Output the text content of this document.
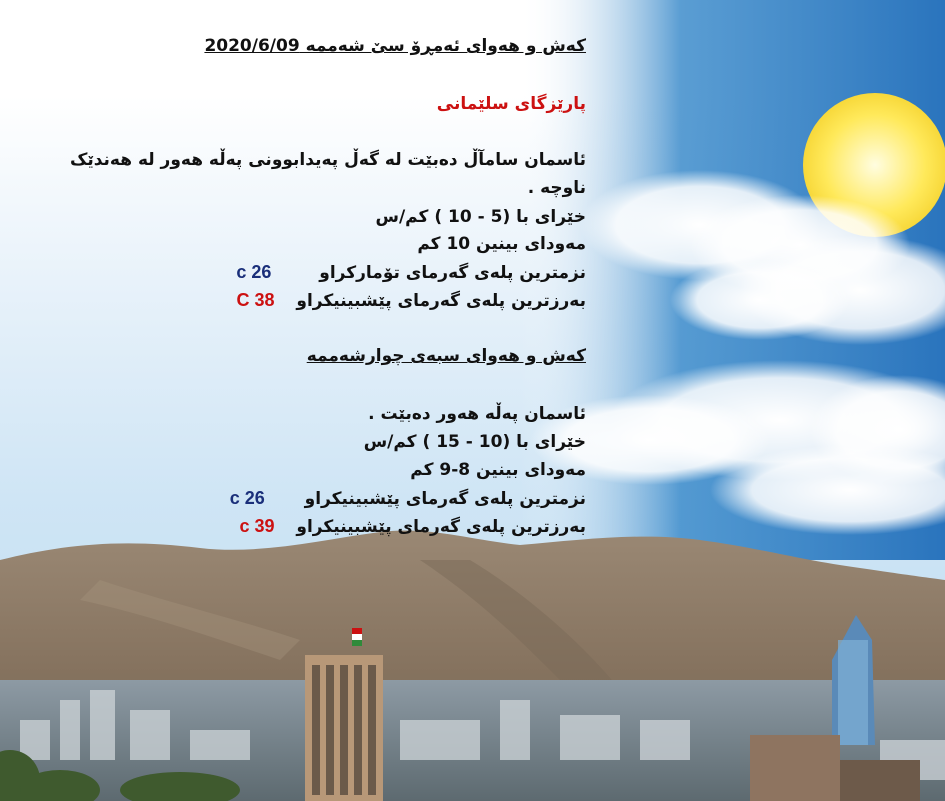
کەش و هەوای ئەمڕۆ سێ شەممە 2020/6/09
پارێزگای سلێمانی
ئاسمان سامآڵ دەبێت لە گەڵ پەیدابوونی پەڵە هەور لە هەندێک
ناوچە .
خێرای با (5 - 10 ) کم/س
مەودای بینین 10 کم
نزمترین پلەی گەرمای تۆمارکراو  26 c
بەرزترین پلەی گەرمای پێشبینیکراو  38 C
کەش و هەوای سبەی چوارشەممە
ئاسمان پەڵە هەور دەبێت .
خێرای با (10 - 15 ) کم/س
مەودای بینین 8-9 کم
نزمترین پلەی گەرمای پێشبینیکراو  26 c
بەرزترین پلەی گەرمای پێشبینیکراو  39 c
